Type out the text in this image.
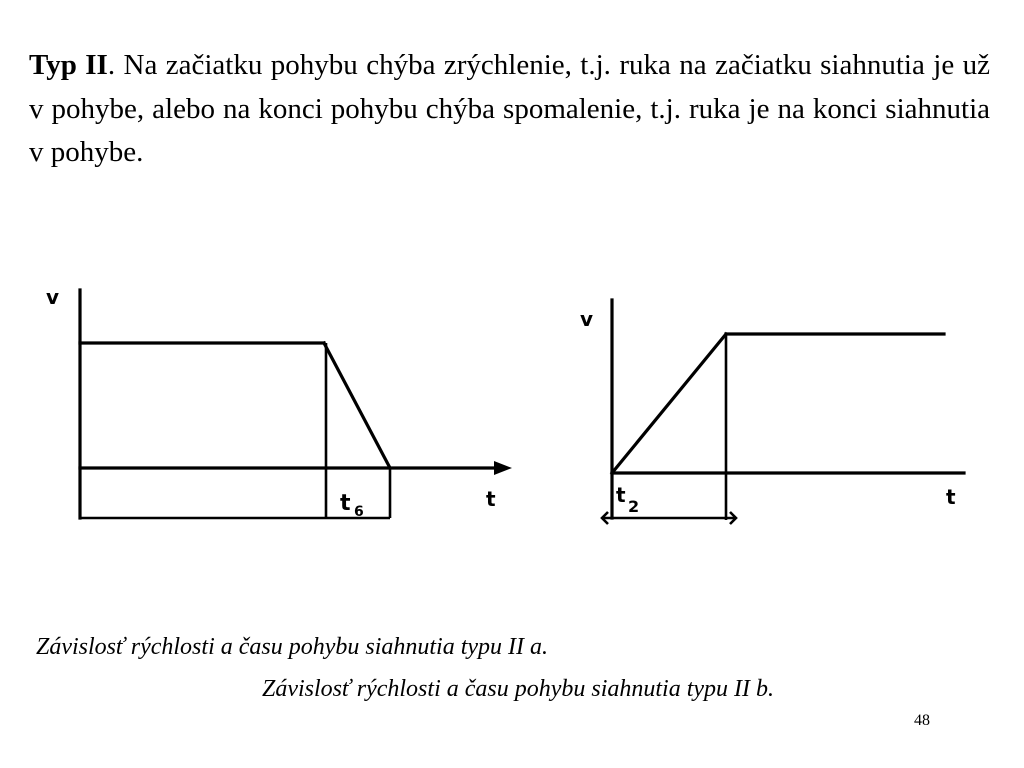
Typ II. Na začiatku pohybu chýba zrýchlenie, t.j. ruka na začiatku siahnutia je už v pohybe, alebo na konci pohybu chýba spomalenie, t.j. ruka je na konci siahnutia v pohybe.

v
t
t 6
v
t
t 2

Závislosť rýchlosti a času pohybu siahnutia typu II a.

Závislosť rýchlosti a času pohybu siahnutia typu II b.

48
